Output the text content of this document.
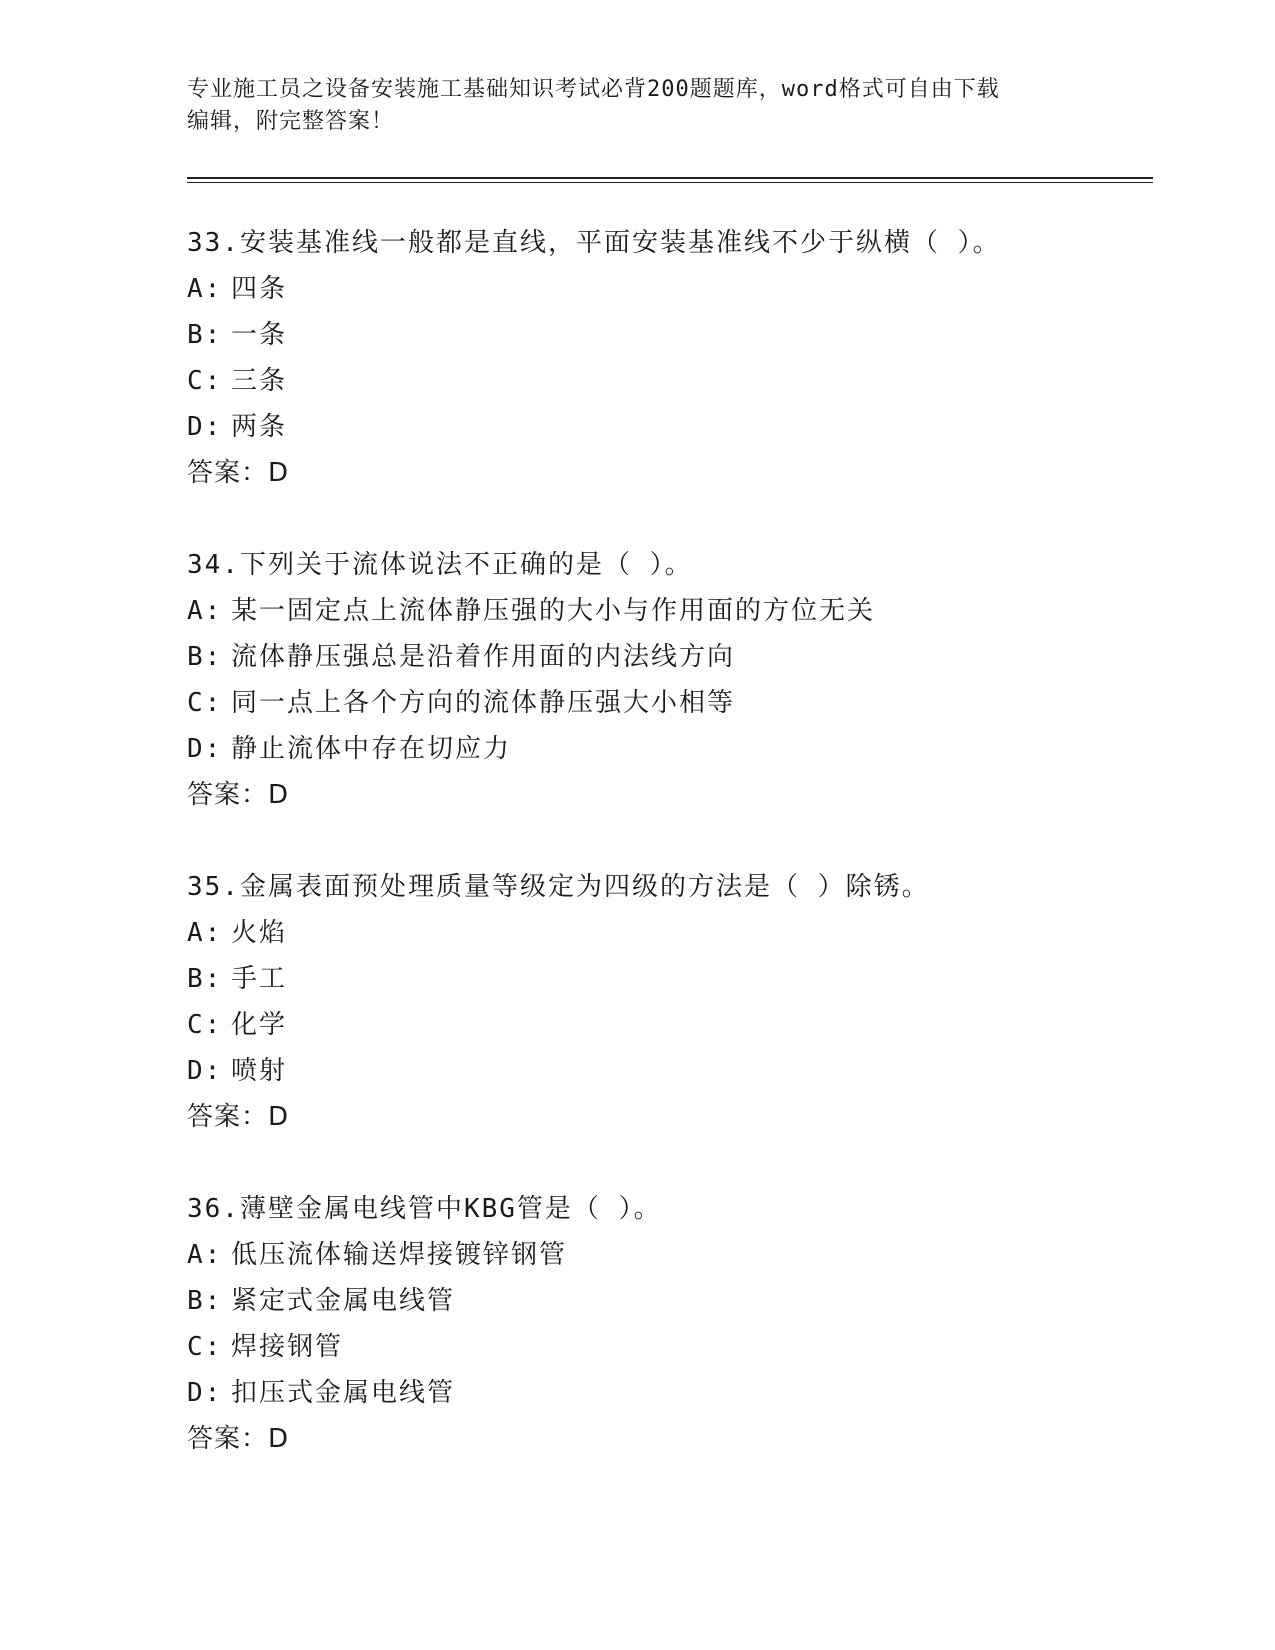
专业施工员之设备安装施工基础知识考试必背200题题库，word格式可自由下载
编辑，附完整答案！
33.安装基准线一般都是直线，平面安装基准线不少于纵横（ ）。
A: 四条
B: 一条
C: 三条
D: 两条
答案：D
34.下列关于流体说法不正确的是（ ）。
A: 某一固定点上流体静压强的大小与作用面的方位无关
B: 流体静压强总是沿着作用面的内法线方向
C: 同一点上各个方向的流体静压强大小相等
D: 静止流体中存在切应力
答案：D
35.金属表面预处理质量等级定为四级的方法是（ ）除锈。
A: 火焰
B: 手工
C: 化学
D: 喷射
答案：D
36.薄壁金属电线管中KBG管是（ ）。
A: 低压流体输送焊接镀锌钢管
B: 紧定式金属电线管
C: 焊接钢管
D: 扣压式金属电线管
答案：D
